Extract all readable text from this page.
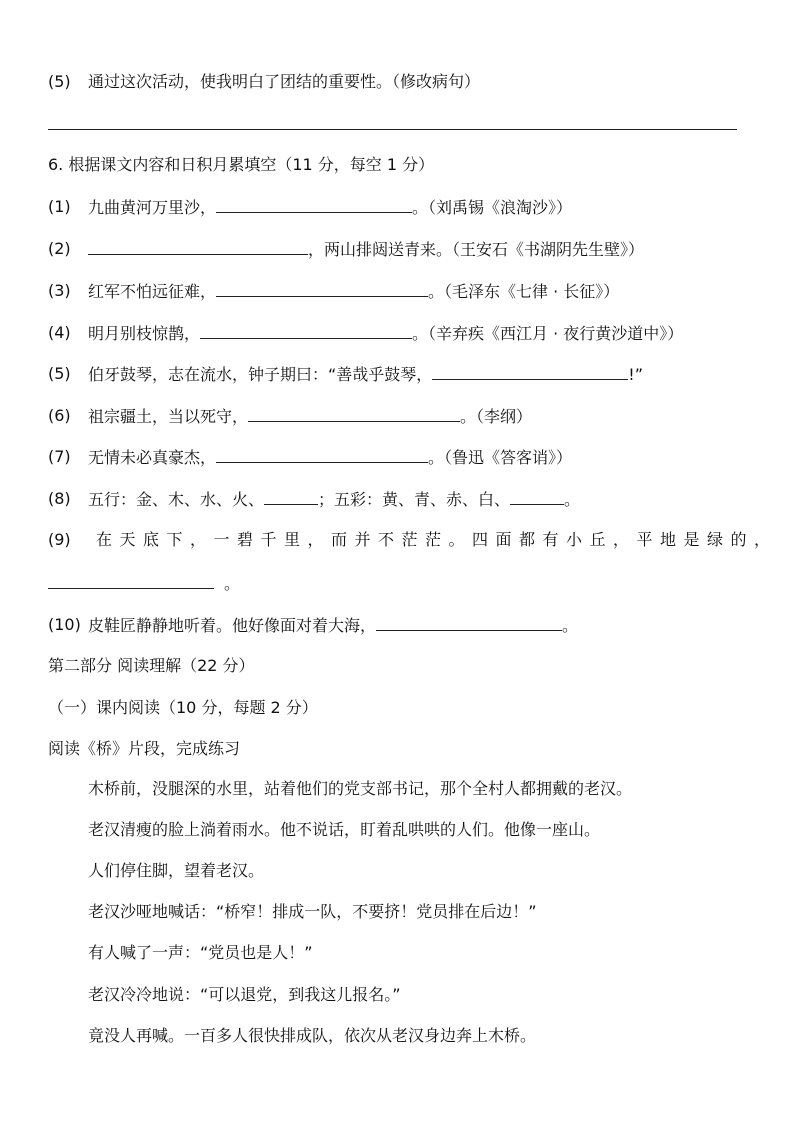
(5) 通过这次活动，使我明白了团结的重要性。（修改病句）
6. 根据课文内容和日积月累填空（11 分，每空 1 分）
(1) 九曲黄河万里沙，	。（刘禹锡《浪淘沙》）
(2)	，两山排闼送青来。（王安石《书湖阴先生壁》）
(3) 红军不怕远征难，	。（毛泽东《七律 · 长征》）
(4) 明月别枝惊鹊，	。（辛弃疾《西江月 · 夜行黄沙道中》）
(5) 伯牙鼓琴，志在流水，钟子期曰：“善哉乎鼓琴，	!”
(6) 祖宗疆土，当以死守，	。（李纲）
(7) 无情未必真豪杰，	。（鲁迅《答客诮》）
(8) 五行：金、木、水、火、	；五彩：黄、青、赤、白、	。
(9) 在天底下，一碧千里，而并不茫茫。四面都有小丘，平地是绿的，
。
(10) 皮鞋匠静静地听着。他好像面对着大海，	。
第二部分 阅读理解（22 分）
（一）课内阅读（10 分，每题 2 分）
阅读《桥》片段，完成练习
木桥前，没腿深的水里，站着他们的党支部书记，那个全村人都拥戴的老汉。
老汉清瘦的脸上淌着雨水。他不说话，盯着乱哄哄的人们。他像一座山。
人们停住脚，望着老汉。
老汉沙哑地喊话：“桥窄！排成一队，不要挤！党员排在后边！”
有人喊了一声：“党员也是人！”
老汉冷冷地说：“可以退党，到我这儿报名。”
竟没人再喊。一百多人很快排成队，依次从老汉身边奔上木桥。
